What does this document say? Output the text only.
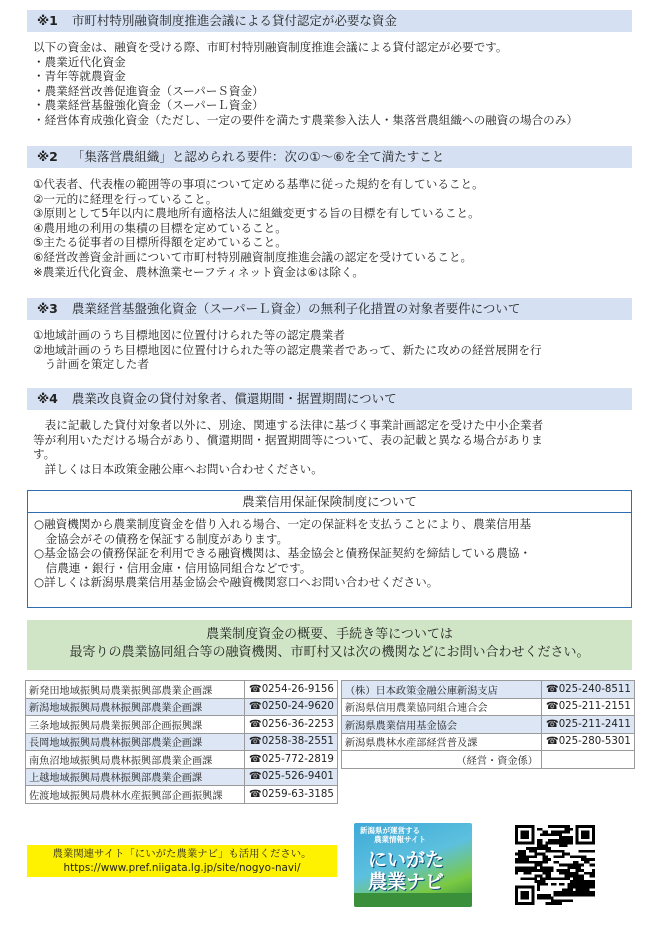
※1 市町村特別融資制度推進会議による貸付認定が必要な資金
以下の資金は、融資を受ける際、市町村特別融資制度推進会議による貸付認定が必要です。
・農業近代化資金
・青年等就農資金
・農業経営改善促進資金（スーパーＳ資金）
・農業経営基盤強化資金（スーパーＬ資金）
・経営体育成強化資金（ただし、一定の要件を満たす農業参入法人・集落営農組織への融資の場合のみ）
※2 「集落営農組織」と認められる要件：次の①～⑥を全て満たすこと
①代表者、代表権の範囲等の事項について定める基準に従った規約を有していること。
②一元的に経理を行っていること。
③原則として5年以内に農地所有適格法人に組織変更する旨の目標を有していること。
④農用地の利用の集積の目標を定めていること。
⑤主たる従事者の目標所得額を定めていること。
⑥経営改善資金計画について市町村特別融資制度推進会議の認定を受けていること。
※農業近代化資金、農林漁業セーフティネット資金は⑥は除く。
※3 農業経営基盤強化資金（スーパーＬ資金）の無利子化措置の対象者要件について
①地域計画のうち目標地図に位置付けられた等の認定農業者
②地域計画のうち目標地図に位置付けられた等の認定農業者であって、新たに攻めの経営展開を行
う計画を策定した者
※4 農業改良資金の貸付対象者、償還期間・据置期間について
表に記載した貸付対象者以外に、別途、関連する法律に基づく事業計画認定を受けた中小企業者
等が利用いただける場合があり、償還期間・据置期間等について、表の記載と異なる場合がありま
す。
詳しくは日本政策金融公庫へお問い合わせください。
農業信用保証保険制度について
○融資機関から農業制度資金を借り入れる場合、一定の保証料を支払うことにより、農業信用基
　金協会がその債務を保証する制度があります。
○基金協会の債務保証を利用できる融資機関は、基金協会と債務保証契約を締結している農協・
　信農連・銀行・信用金庫・信用協同組合などです。
○詳しくは新潟県農業信用基金協会や融資機関窓口へお問い合わせください。
農業制度資金の概要、手続き等については
最寄りの農業協同組合等の融資機関、市町村又は次の機関などにお問い合わせください。
新発田地域振興局農業振興部農業企画課	☎0254-26-9156
新潟地域振興局農林振興部農業企画課	☎0250-24-9620
三条地域振興局農業振興部企画振興課	☎0256-36-2253
長岡地域振興局農林振興部農業企画課	☎0258-38-2551
南魚沼地域振興局農林振興部農業企画課	☎025-772-2819
上越地域振興局農林振興部農業企画課	☎025-526-9401
佐渡地域振興局農林水産振興部企画振興課	☎0259-63-3185
（株）日本政策金融公庫新潟支店	☎025-240-8511
新潟県信用農業協同組合連合会	☎025-211-2151
新潟県農業信用基金協会	☎025-211-2411
新潟県農林水産部経営普及課	☎025-280-5301
（経営・資金係）	
農業関連サイト「にいがた農業ナビ」も活用ください。
https://www.pref.niigata.lg.jp/site/nogyo-navi/
新潟県が運営する
農業情報サイト
にいがた
農業ナビ
